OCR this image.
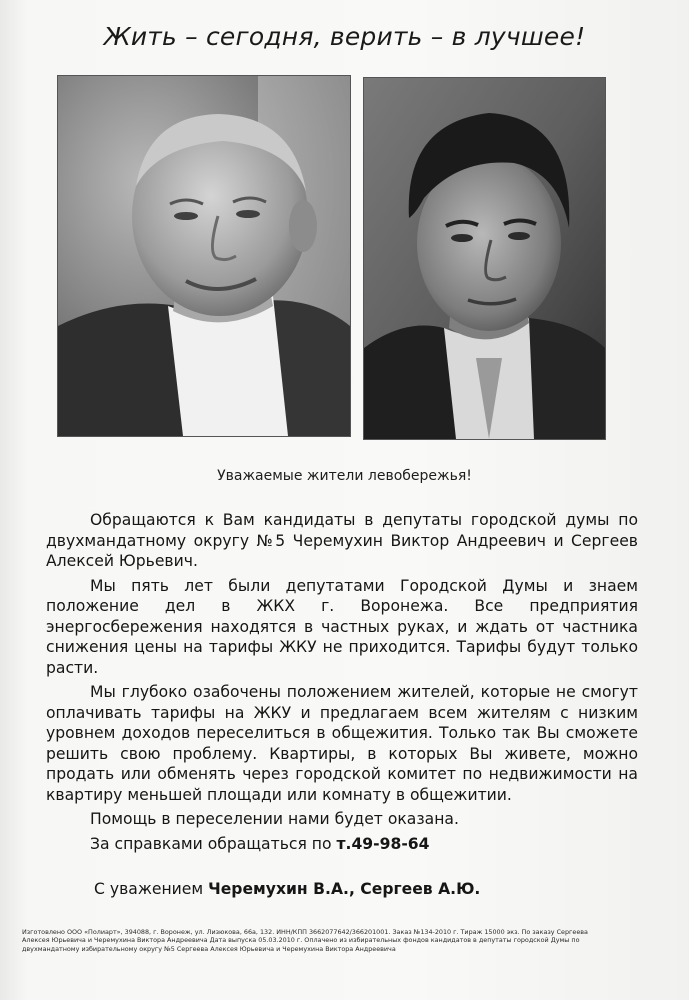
Жить – сегодня, верить – в лучшее!
Уважаемые жители левобережья!

Обращаются к Вам кандидаты в депутаты городской думы по двухмандатному округу №5 Черемухин Виктор Андреевич и Сергеев Алексей Юрьевич.

Мы пять лет были депутатами Городской Думы и знаем положение дел в ЖКХ г. Воронежа. Все предприятия энергосбережения находятся в частных руках, и ждать от частника снижения цены на тарифы ЖКУ не приходится. Тарифы будут только расти.

Мы глубоко озабочены положением жителей, которые не смогут оплачивать тарифы на ЖКУ и предлагаем всем жителям с низким уровнем доходов переселиться в общежития. Только так Вы сможете решить свою проблему. Квартиры, в которых Вы живете, можно продать или обменять через городской комитет по недвижимости на квартиру меньшей площади или комнату в общежитии.

Помощь в переселении нами будет оказана.

За справками обращаться по т.49-98-64
С уважением Черемухин В.А., Сергеев А.Ю.
Изготовлено ООО «Полиарт», 394088, г. Воронеж, ул. Лизюкова, 66а, 132. ИНН/КПП 3662077642/366201001. Заказ №134-2010 г. Тираж 15000 экз. По заказу Сергеева
Алексея Юрьевича и Черемухина Виктора Андреевича Дата выпуска 05.03.2010 г. Оплачено из избирательных фондов кандидатов в депутаты городской Думы по
двухмандатному избирательному округу №5 Сергеева Алексея Юрьевича и Черемухина Виктора Андреевича
